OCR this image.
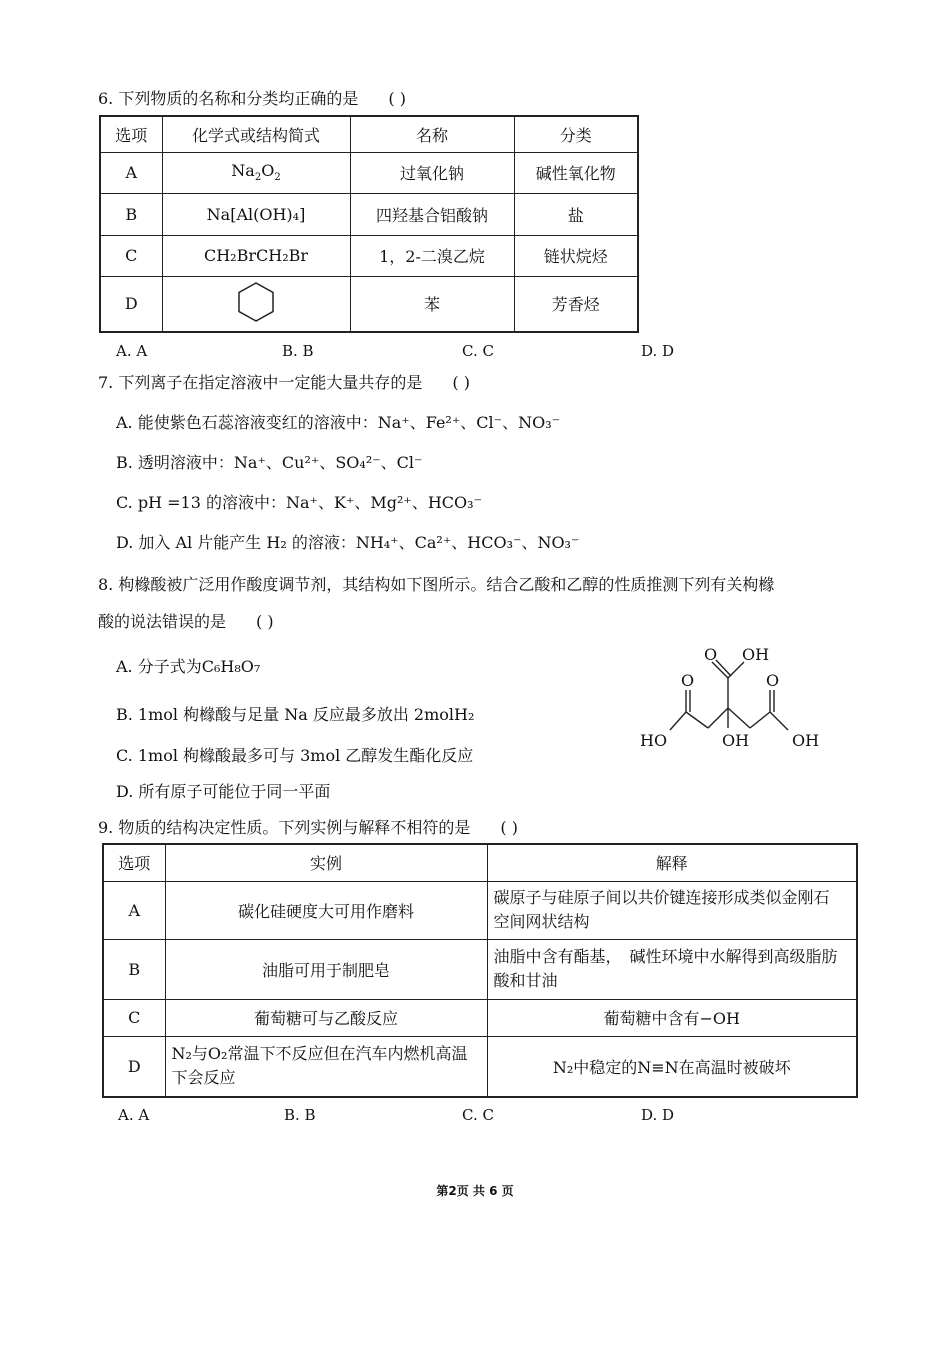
6. 下列物质的名称和分类均正确的是 ( )
选项	化学式或结构简式	名称	分类
A	$Na_2O_2$	过氧化钠	碱性氧化物
B	Na[Al(OH)₄]	四羟基合铝酸钠	盐
C	CH₂BrCH₂Br	1，2-二溴乙烷	链状烷烃
D		苯	芳香烃
A. A	B. B	C. C	D. D
7. 下列离子在指定溶液中一定能大量共存的是 ( )
A. 能使紫色石蕊溶液变红的溶液中：Na⁺、Fe²⁺、Cl⁻、NO₃⁻
B. 透明溶液中：Na⁺、Cu²⁺、SO₄²⁻、Cl⁻
C. pH =13 的溶液中：Na⁺、K⁺、Mg²⁺、HCO₃⁻
D. 加入 Al 片能产生 H₂ 的溶液：NH₄⁺、Ca²⁺、HCO₃⁻、NO₃⁻
8. 枸橼酸被广泛用作酸度调节剂，其结构如下图所示。结合乙酸和乙醇的性质推测下列有关枸橼
酸的说法错误的是 ( )
A. 分子式为C₆H₈O₇
B. 1mol 枸橼酸与足量 Na 反应最多放出 2molH₂
C. 1mol 枸橼酸最多可与 3mol 乙醇发生酯化反应
D. 所有原子可能位于同一平面
O OH
O	O
HO	OH	OH
9. 物质的结构决定性质。下列实例与解释不相符的是 ( )
选项	实例	解释
A	碳化硅硬度大可用作磨料	碳原子与硅原子间以共价键连接形成类似金刚石　空间网状结构
B	油脂可用于制肥皂	油脂中含有酯基，　碱性环境中水解得到高级脂肪酸和甘油
C	葡萄糖可与乙酸反应	葡萄糖中含有−OH
D	N₂与O₂常温下不反应但在汽车内燃机高温下会反应	N₂中稳定的N≡N在高温时被破坏
A. A	B. B	C. C	D. D
第2页 共 6 页
